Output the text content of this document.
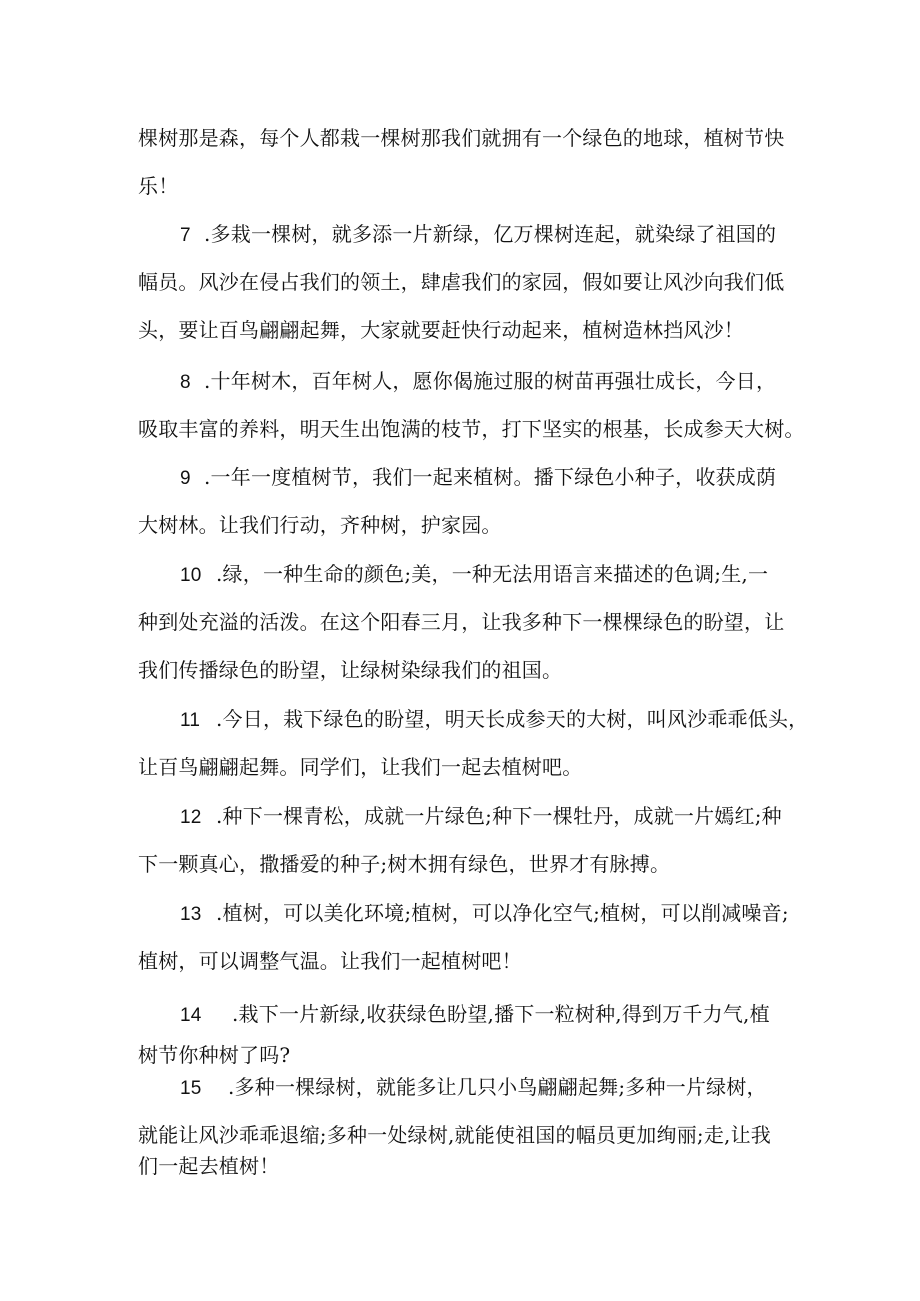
棵树那是森，每个人都栽一棵树那我们就拥有一个绿色的地球，植树节快
乐！
7 .多栽一棵树，就多添一片新绿，亿万棵树连起，就染绿了祖国的
幅员。风沙在侵占我们的领土，肆虐我们的家园，假如要让风沙向我们低
头，要让百鸟翩翩起舞，大家就要赶快行动起来，植树造林挡风沙！
8 .十年树木，百年树人，愿你偈施过服的树苗再强壮成长，今日，
吸取丰富的养料，明天生出饱满的枝节，打下坚实的根基，长成参天大树。
9 .一年一度植树节，我们一起来植树。播下绿色小种子，收获成荫
大树林。让我们行动，齐种树，护家园。
10 .绿，一种生命的颜色;美，一种无法用语言来描述的色调;生,一
种到处充溢的活泼。在这个阳春三月，让我多种下一棵棵绿色的盼望，让
我们传播绿色的盼望，让绿树染绿我们的祖国。
11 .今日，栽下绿色的盼望，明天长成参天的大树，叫风沙乖乖低头，
让百鸟翩翩起舞。同学们，让我们一起去植树吧。
12 .种下一棵青松，成就一片绿色;种下一棵牡丹，成就一片嫣红;种
下一颗真心，撒播爱的种子;树木拥有绿色，世界才有脉搏。
13 .植树，可以美化环境;植树，可以净化空气;植树，可以削减噪音;
植树，可以调整气温。让我们一起植树吧！
14 .栽下一片新绿,收获绿色盼望,播下一粒树种,得到万千力气,植
树节你种树了吗?
15 .多种一棵绿树，就能多让几只小鸟翩翩起舞;多种一片绿树，
就能让风沙乖乖退缩;多种一处绿树,就能使祖国的幅员更加绚丽;走,让我
们一起去植树！
